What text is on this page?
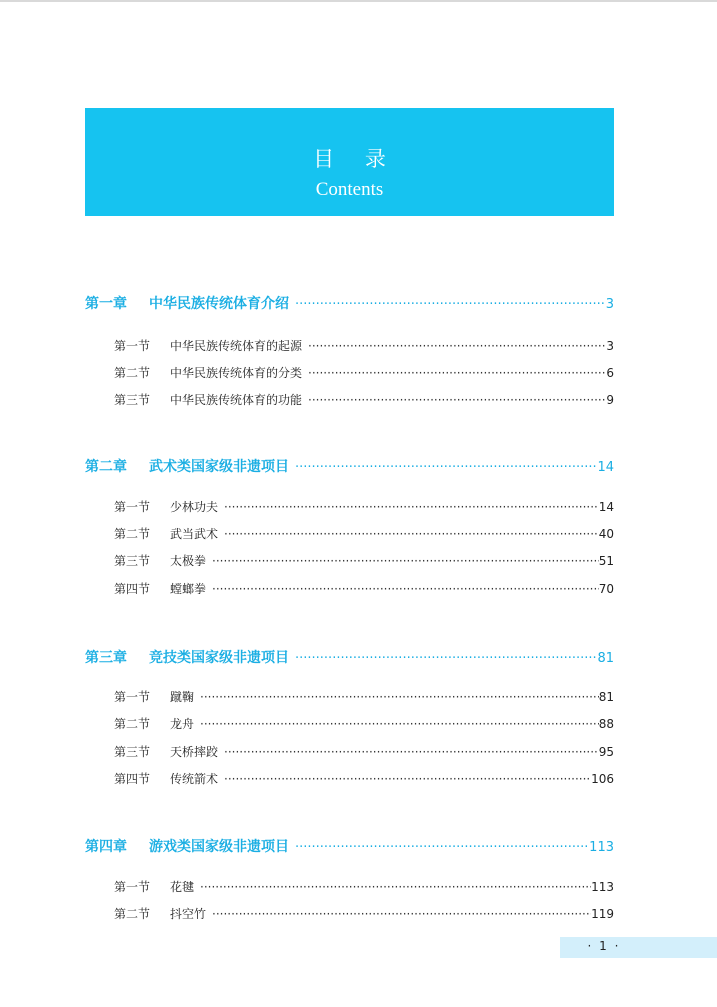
目 录
Contents
第一章	中华民族传统体育介绍 ·····	3
第一节	中华民族传统体育的起源 ·····	3
第二节	中华民族传统体育的分类 ·····	6
第三节	中华民族传统体育的功能 ·····	9
第二章	武术类国家级非遗项目 ·····	14
第一节	少林功夫 ·····	14
第二节	武当武术 ·····	40
第三节	太极拳 ·····	51
第四节	螳螂拳 ·····	70
第三章	竞技类国家级非遗项目 ·····	81
第一节	蹴鞠 ·····	81
第二节	龙舟 ·····	88
第三节	天桥摔跤 ·····	95
第四节	传统箭术 ·····	106
第四章	游戏类国家级非遗项目 ·····	113
第一节	花毽 ·····	113
第二节	抖空竹 ·····	119
· 1 ·
